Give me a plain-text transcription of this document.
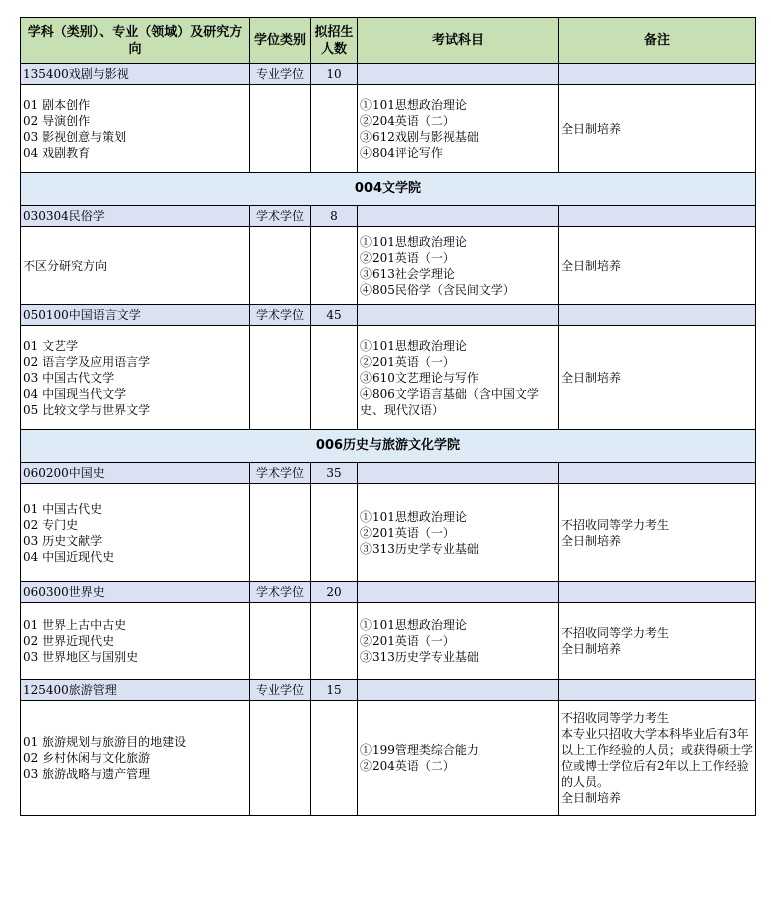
学科（类别）、专业（领域）及研究方向	学位类别	拟招生人数	考试科目	备注
135400戏剧与影视	专业学位	10		

01 剧本创作
02 导演创作
03 影视创意与策划
04 戏剧教育			①101思想政治理论
②204英语（二）
③612戏剧与影视基础
④804评论写作	全日制培养

004文学院				
030304民俗学	学术学位	8		

不区分研究方向			①101思想政治理论
②201英语（一）
③613社会学理论
④805民俗学（含民间文学）	全日制培养

050100中国语言文学	学术学位	45		

01 文艺学
02 语言学及应用语言学
03 中国古代文学
04 中国现当代文学
05 比较文学与世界文学			①101思想政治理论
②201英语（一）
③610文艺理论与写作
④806文学语言基础（含中国文学史、现代汉语）	全日制培养

006历史与旅游文化学院				
060200中国史	学术学位	35		

01 中国古代史
02 专门史
03 历史文献学
04 中国近现代史			①101思想政治理论
②201英语（一）
③313历史学专业基础	不招收同等学力考生
全日制培养

060300世界史	学术学位	20		

01 世界上古中古史
02 世界近现代史
03 世界地区与国别史			①101思想政治理论
②201英语（一）
③313历史学专业基础	不招收同等学力考生
全日制培养

125400旅游管理	专业学位	15		

01 旅游规划与旅游目的地建设
02 乡村休闲与文化旅游
03 旅游战略与遗产管理			①199管理类综合能力
②204英语（二）	不招收同等学力考生
本专业只招收大学本科毕业后有3年以上工作经验的人员；或获得硕士学位或博士学位后有2年以上工作经验的人员。
全日制培养
